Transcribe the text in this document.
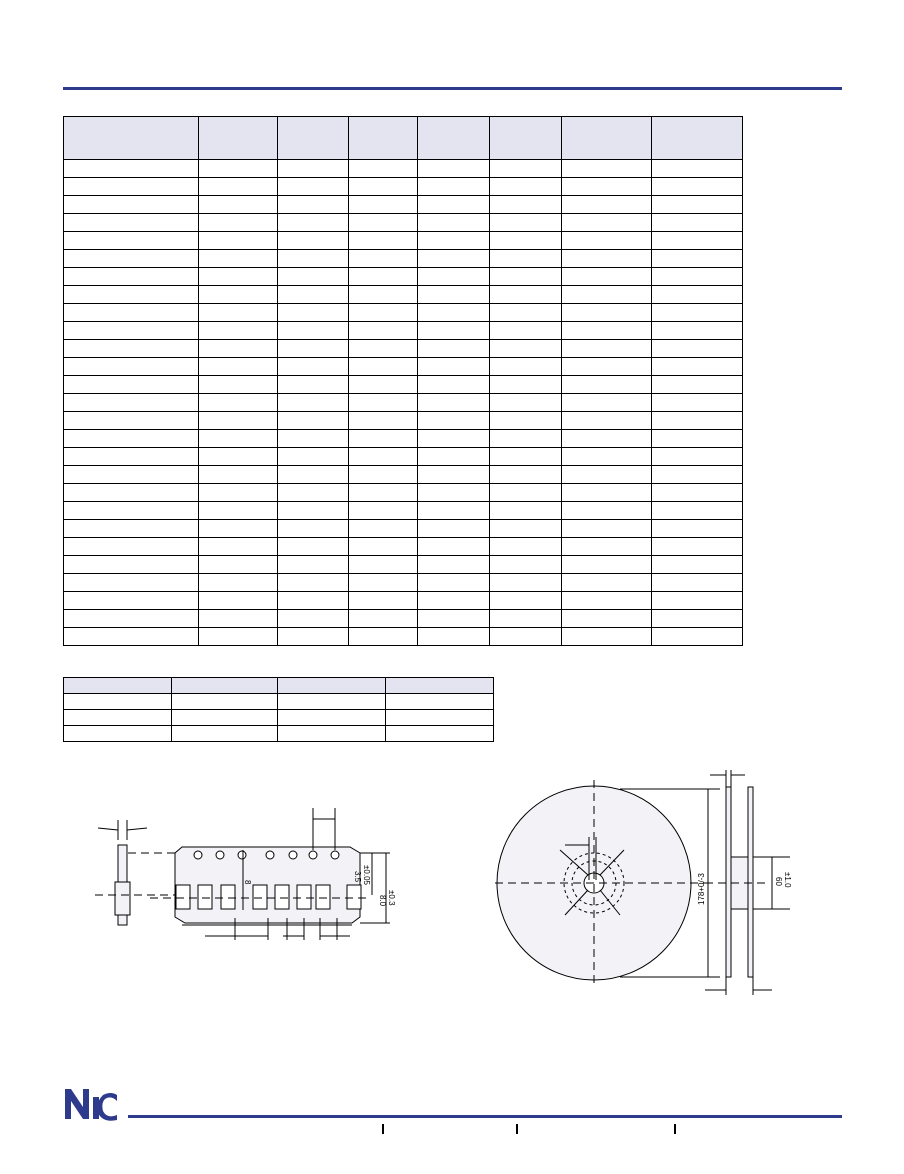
8
3.5 ±0.05
8.0 ±0.3	178+0/-3	60 ±1.0
